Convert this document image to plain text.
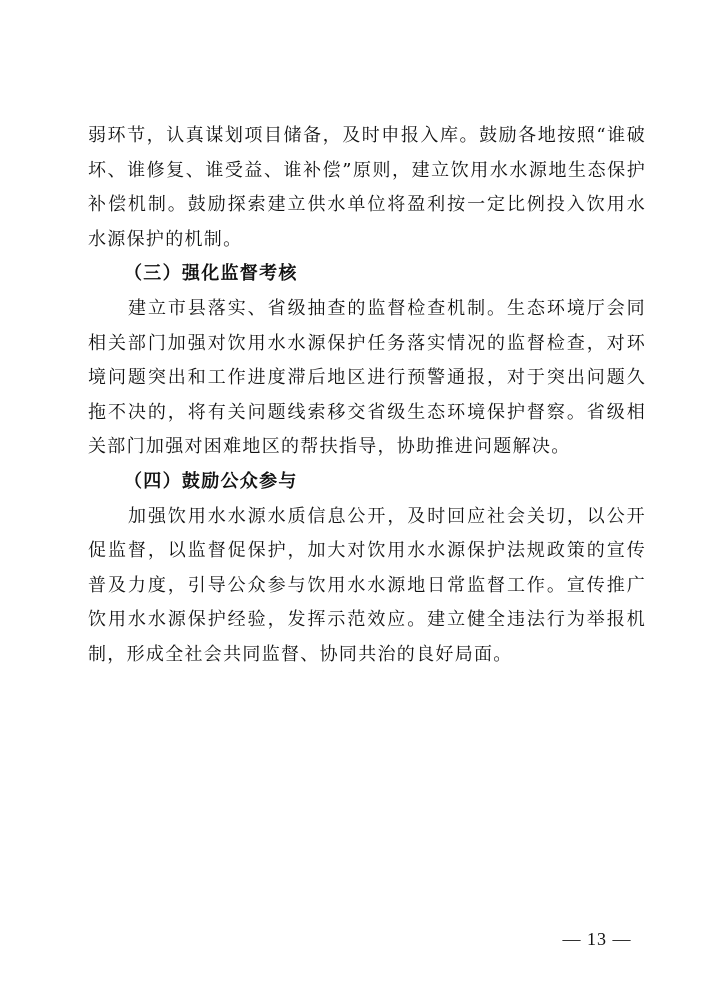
弱环节，认真谋划项目储备，及时申报入库。鼓励各地按照“谁破坏、谁修复、谁受益、谁补偿”原则，建立饮用水水源地生态保护补偿机制。鼓励探索建立供水单位将盈利按一定比例投入饮用水水源保护的机制。

（三）强化监督考核

建立市县落实、省级抽查的监督检查机制。生态环境厅会同相关部门加强对饮用水水源保护任务落实情况的监督检查，对环境问题突出和工作进度滞后地区进行预警通报，对于突出问题久拖不决的，将有关问题线索移交省级生态环境保护督察。省级相关部门加强对困难地区的帮扶指导，协助推进问题解决。

（四）鼓励公众参与

加强饮用水水源水质信息公开，及时回应社会关切，以公开促监督，以监督促保护，加大对饮用水水源保护法规政策的宣传普及力度，引导公众参与饮用水水源地日常监督工作。宣传推广饮用水水源保护经验，发挥示范效应。建立健全违法行为举报机制，形成全社会共同监督、协同共治的良好局面。

— 13 —
